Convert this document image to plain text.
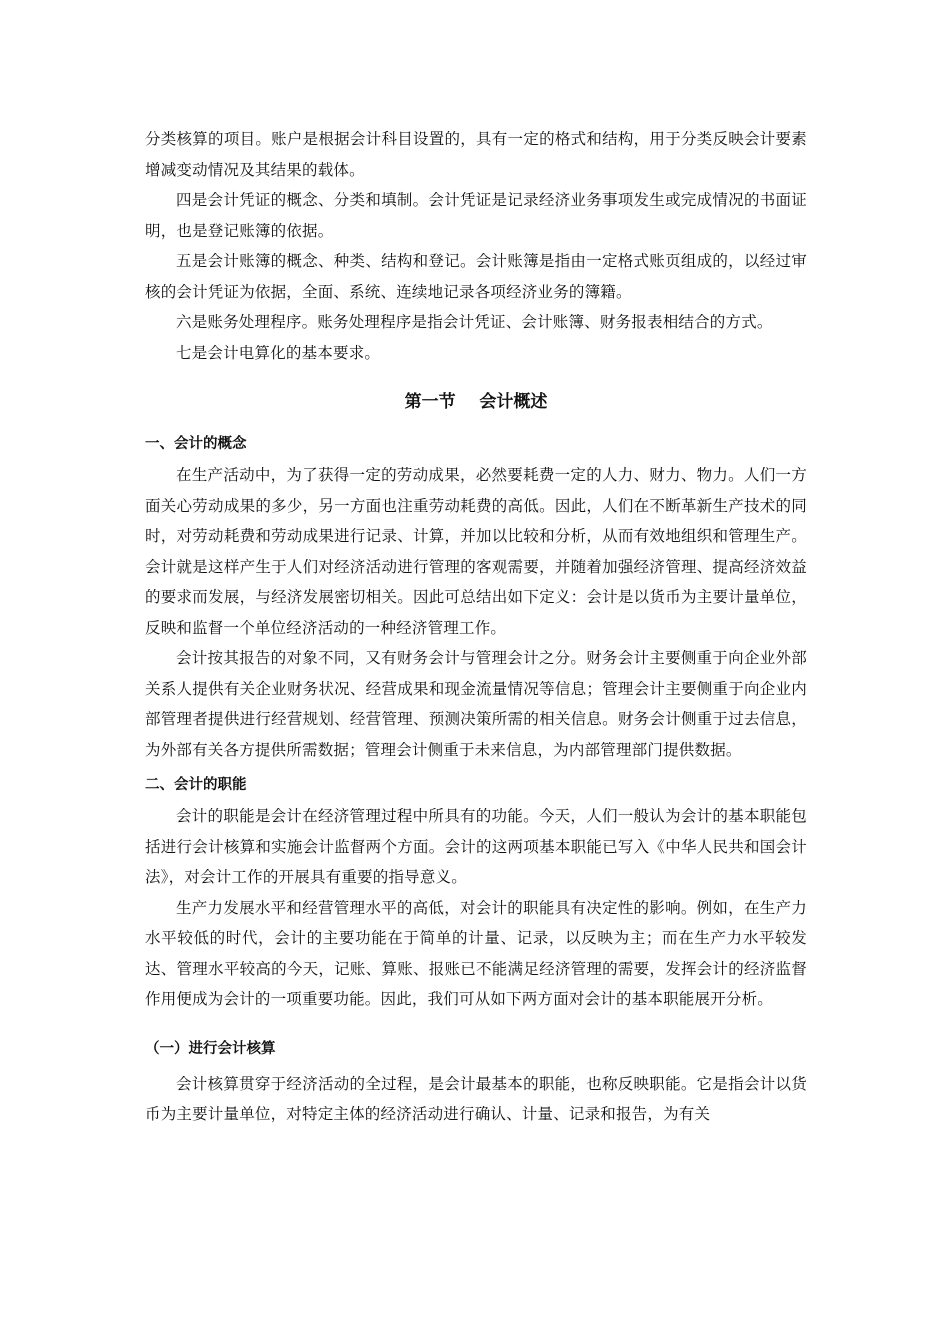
分类核算的项目。账户是根据会计科目设置的，具有一定的格式和结构，用于分类反映会计要素增减变动情况及其结果的载体。

四是会计凭证的概念、分类和填制。会计凭证是记录经济业务事项发生或完成情况的书面证明，也是登记账簿的依据。

五是会计账簿的概念、种类、结构和登记。会计账簿是指由一定格式账页组成的，以经过审核的会计凭证为依据，全面、系统、连续地记录各项经济业务的簿籍。

六是账务处理程序。账务处理程序是指会计凭证、会计账簿、财务报表相结合的方式。

七是会计电算化的基本要求。

第一节    会计概述
一、会计的概念

在生产活动中，为了获得一定的劳动成果，必然要耗费一定的人力、财力、物力。人们一方面关心劳动成果的多少，另一方面也注重劳动耗费的高低。因此，人们在不断革新生产技术的同时，对劳动耗费和劳动成果进行记录、计算，并加以比较和分析，从而有效地组织和管理生产。会计就是这样产生于人们对经济活动进行管理的客观需要，并随着加强经济管理、提高经济效益的要求而发展，与经济发展密切相关。因此可总结出如下定义：会计是以货币为主要计量单位，反映和监督一个单位经济活动的一种经济管理工作。

会计按其报告的对象不同，又有财务会计与管理会计之分。财务会计主要侧重于向企业外部关系人提供有关企业财务状况、经营成果和现金流量情况等信息；管理会计主要侧重于向企业内部管理者提供进行经营规划、经营管理、预测决策所需的相关信息。财务会计侧重于过去信息，为外部有关各方提供所需数据；管理会计侧重于未来信息，为内部管理部门提供数据。

二、会计的职能

会计的职能是会计在经济管理过程中所具有的功能。今天，人们一般认为会计的基本职能包括进行会计核算和实施会计监督两个方面。会计的这两项基本职能已写入《中华人民共和国会计法》，对会计工作的开展具有重要的指导意义。

生产力发展水平和经营管理水平的高低，对会计的职能具有决定性的影响。例如，在生产力水平较低的时代，会计的主要功能在于简单的计量、记录，以反映为主；而在生产力水平较发达、管理水平较高的今天，记账、算账、报账已不能满足经济管理的需要，发挥会计的经济监督作用便成为会计的一项重要功能。因此，我们可从如下两方面对会计的基本职能展开分析。

（一）进行会计核算

会计核算贯穿于经济活动的全过程，是会计最基本的职能，也称反映职能。它是指会计以货币为主要计量单位，对特定主体的经济活动进行确认、计量、记录和报告，为有关
